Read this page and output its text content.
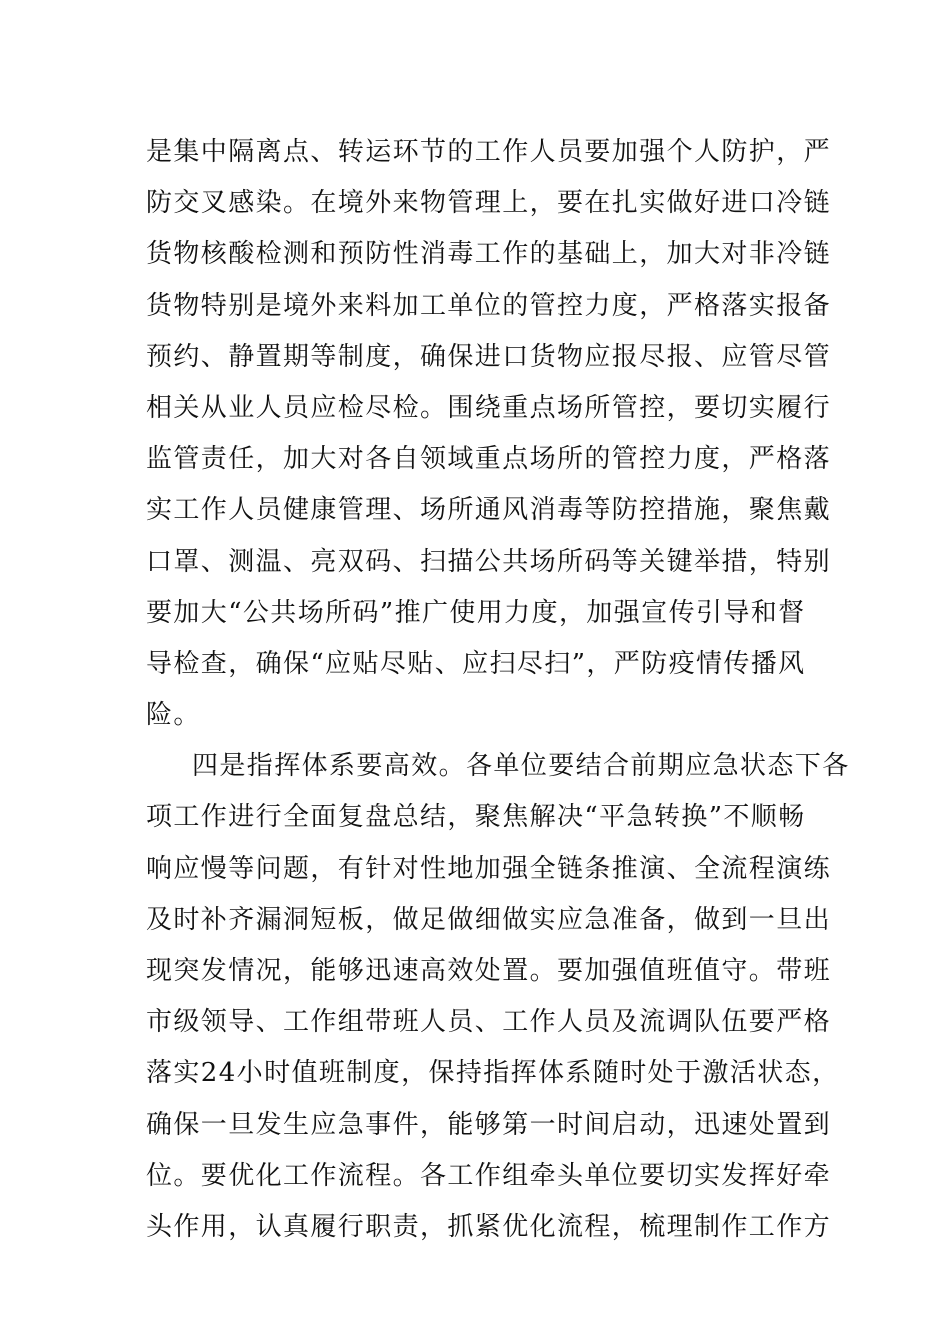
是集中隔离点、转运环节的工作人员要加强个人防护，严
防交叉感染。在境外来物管理上，要在扎实做好进口冷链
货物核酸检测和预防性消毒工作的基础上，加大对非冷链
货物特别是境外来料加工单位的管控力度，严格落实报备
预约、静置期等制度，确保进口货物应报尽报、应管尽管
相关从业人员应检尽检。围绕重点场所管控，要切实履行
监管责任，加大对各自领域重点场所的管控力度，严格落
实工作人员健康管理、场所通风消毒等防控措施，聚焦戴
口罩、测温、亮双码、扫描公共场所码等关键举措，特别
要加大“公共场所码”推广使用力度，加强宣传引导和督
导检查，确保“应贴尽贴、应扫尽扫”，严防疫情传播风
险。
四是指挥体系要高效。各单位要结合前期应急状态下各
项工作进行全面复盘总结，聚焦解决“平急转换”不顺畅
响应慢等问题，有针对性地加强全链条推演、全流程演练
及时补齐漏洞短板，做足做细做实应急准备，做到一旦出
现突发情况，能够迅速高效处置。要加强值班值守。带班
市级领导、工作组带班人员、工作人员及流调队伍要严格
落实24小时值班制度，保持指挥体系随时处于激活状态，
确保一旦发生应急事件，能够第一时间启动，迅速处置到
位。要优化工作流程。各工作组牵头单位要切实发挥好牵
头作用，认真履行职责，抓紧优化流程，梳理制作工作方
